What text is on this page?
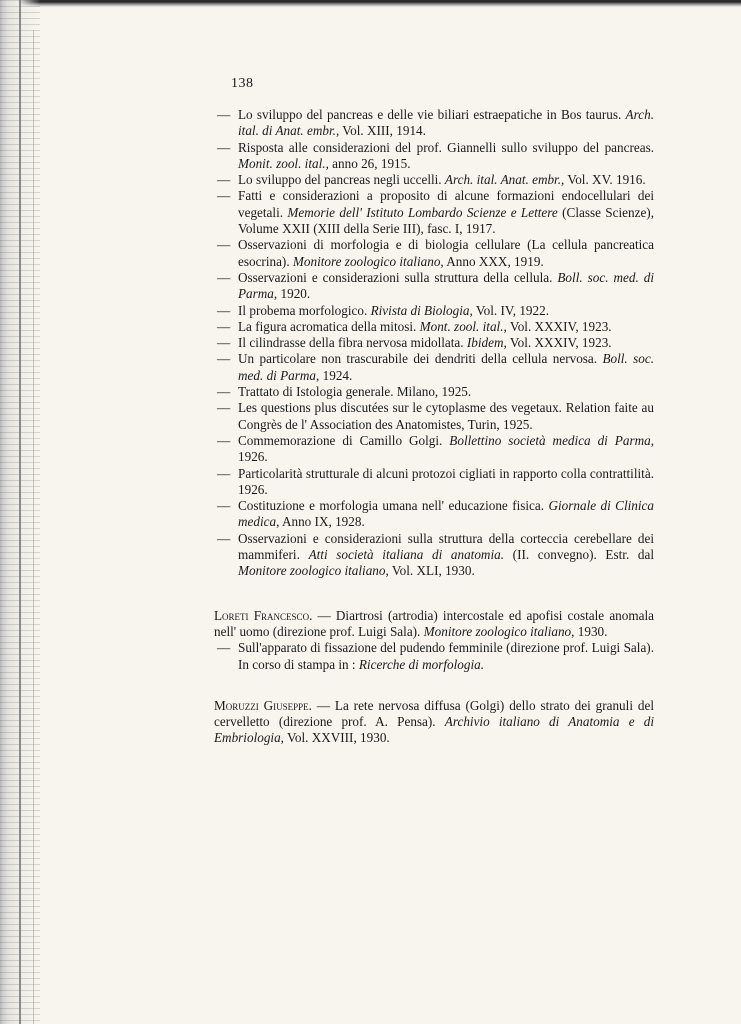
138
— Lo sviluppo del pancreas e delle vie biliari estraepatiche in Bos taurus. Arch. ital. di Anat. embr., Vol. XIII, 1914.
— Risposta alle considerazioni del prof. Giannelli sullo sviluppo del pancreas. Monit. zool. ital., anno 26, 1915.
— Lo sviluppo del pancreas negli uccelli. Arch. ital. Anat. embr., Vol. XV. 1916.
— Fatti e considerazioni a proposito di alcune formazioni endocellulari dei vegetali. Memorie dell' Istituto Lombardo Scienze e Lettere (Classe Scienze), Volume XXII (XIII della Serie III), fasc. I, 1917.
— Osservazioni di morfologia e di biologia cellulare (La cellula pancreatica esocrina). Monitore zoologico italiano, Anno XXX, 1919.
— Osservazioni e considerazioni sulla struttura della cellula. Boll. soc. med. di Parma, 1920.
— Il probema morfologico. Rivista di Biologia, Vol. IV, 1922.
— La figura acromatica della mitosi. Mont. zool. ital., Vol. XXXIV, 1923.
— Il cilindrasse della fibra nervosa midollata. Ibidem, Vol. XXXIV, 1923.
— Un particolare non trascurabile dei dendriti della cellula nervosa. Boll. soc. med. di Parma, 1924.
— Trattato di Istologia generale. Milano, 1925.
— Les questions plus discutées sur le cytoplasme des vegetaux. Relation faite au Congrès de l' Association des Anatomistes, Turin, 1925.
— Commemorazione di Camillo Golgi. Bollettino società medica di Parma, 1926.
— Particolarità strutturale di alcuni protozoi cigliati in rapporto colla contrattilità. 1926.
— Costituzione e morfologia umana nell' educazione fisica. Giornale di Clinica medica, Anno IX, 1928.
— Osservazioni e considerazioni sulla struttura della corteccia cerebellare dei mammiferi. Atti società italiana di anatomia. (II. convegno). Estr. dal Monitore zoologico italiano, Vol. XLI, 1930.
Loreti Francesco. — Diartrosi (artrodia) intercostale ed apofisi costale anomala nell' uomo (direzione prof. Luigi Sala). Monitore zoologico italiano, 1930.
— Sull'apparato di fissazione del pudendo femminile (direzione prof. Luigi Sala). In corso di stampa in : Ricerche di morfologia.
Moruzzi Giuseppe. — La rete nervosa diffusa (Golgi) dello strato dei granuli del cervelletto (direzione prof. A. Pensa). Archivio italiano di Anatomia e di Embriologia, Vol. XXVIII, 1930.
